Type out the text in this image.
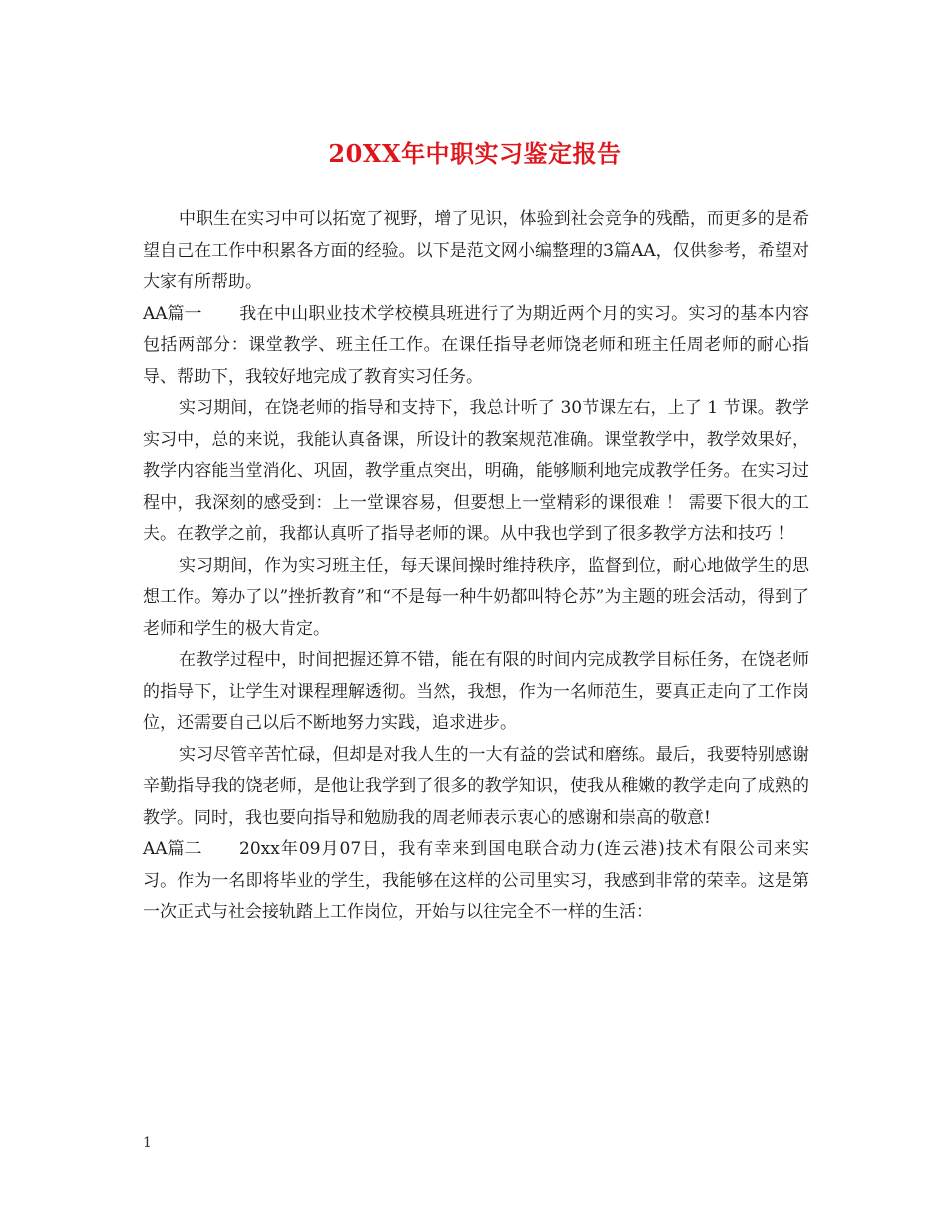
20XX年中职实习鉴定报告

中职生在实习中可以拓宽了视野，增了见识，体验到社会竞争的残酷，而更多的是希望自己在工作中积累各方面的经验。以下是范文网小编整理的3篇AA，仅供参考，希望对大家有所帮助。

AA篇一 我在中山职业技术学校模具班进行了为期近两个月的实习。实习的基本内容包括两部分：课堂教学、班主任工作。在课任指导老师饶老师和班主任周老师的耐心指导、帮助下，我较好地完成了教育实习任务。

实习期间，在饶老师的指导和支持下，我总计听了 30节课左右，上了 1 节课。教学实习中，总的来说，我能认真备课，所设计的教案规范准确。课堂教学中，教学效果好，教学内容能当堂消化、巩固，教学重点突出，明确，能够顺利地完成教学任务。在实习过程中，我深刻的感受到：上一堂课容易，但要想上一堂精彩的课很难 ！ 需要下很大的工夫。在教学之前，我都认真听了指导老师的课。从中我也学到了很多教学方法和技巧 ！

实习期间，作为实习班主任，每天课间操时维持秩序，监督到位，耐心地做学生的思想工作。筹办了以”挫折教育”和“不是每一种牛奶都叫特仑苏”为主题的班会活动，得到了老师和学生的极大肯定。

在教学过程中，时间把握还算不错，能在有限的时间内完成教学目标任务，在饶老师的指导下，让学生对课程理解透彻。当然，我想，作为一名师范生，要真正走向了工作岗位，还需要自己以后不断地努力实践，追求进步。

实习尽管辛苦忙碌，但却是对我人生的一大有益的尝试和磨练。最后，我要特别感谢辛勤指导我的饶老师，是他让我学到了很多的教学知识，使我从稚嫩的教学走向了成熟的教学。同时，我也要向指导和勉励我的周老师表示衷心的感谢和崇高的敬意!

AA篇二 20xx年09月07日，我有幸来到国电联合动力(连云港)技术有限公司来实习。作为一名即将毕业的学生，我能够在这样的公司里实习，我感到非常的荣幸。这是第一次正式与社会接轨踏上工作岗位，开始与以往完全不一样的生活：

1
